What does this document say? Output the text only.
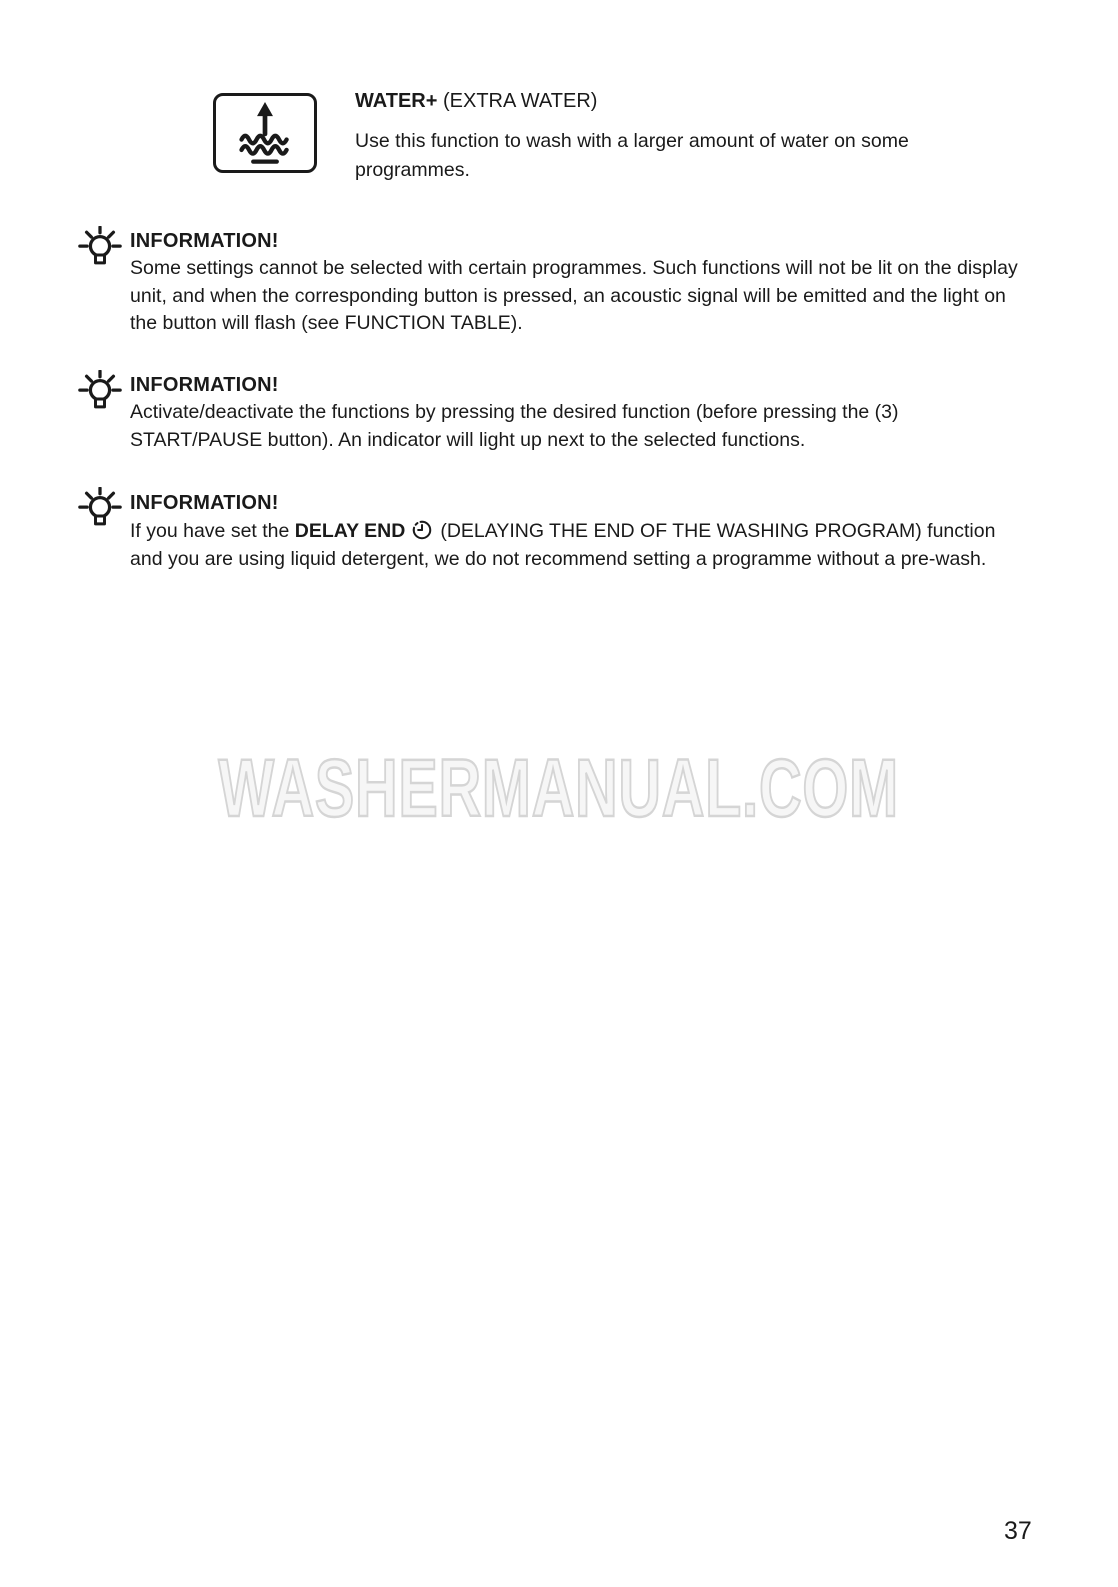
WATER+ (EXTRA WATER)
Use this function to wash with a larger amount of water on some programmes.
INFORMATION!
Some settings cannot be selected with certain programmes. Such functions will not be lit on the display unit, and when the corresponding button is pressed, an acoustic signal will be emitted and the light on the button will flash (see FUNCTION TABLE).
INFORMATION!
Activate/deactivate the functions by pressing the desired function (before pressing the (3) START/PAUSE button). An indicator will light up next to the selected functions.
INFORMATION!
If you have set the DELAY END (DELAYING THE END OF THE WASHING PROGRAM) function and you are using liquid detergent, we do not recommend setting a programme without a pre-wash.
WASHERMANUAL.COM
37
